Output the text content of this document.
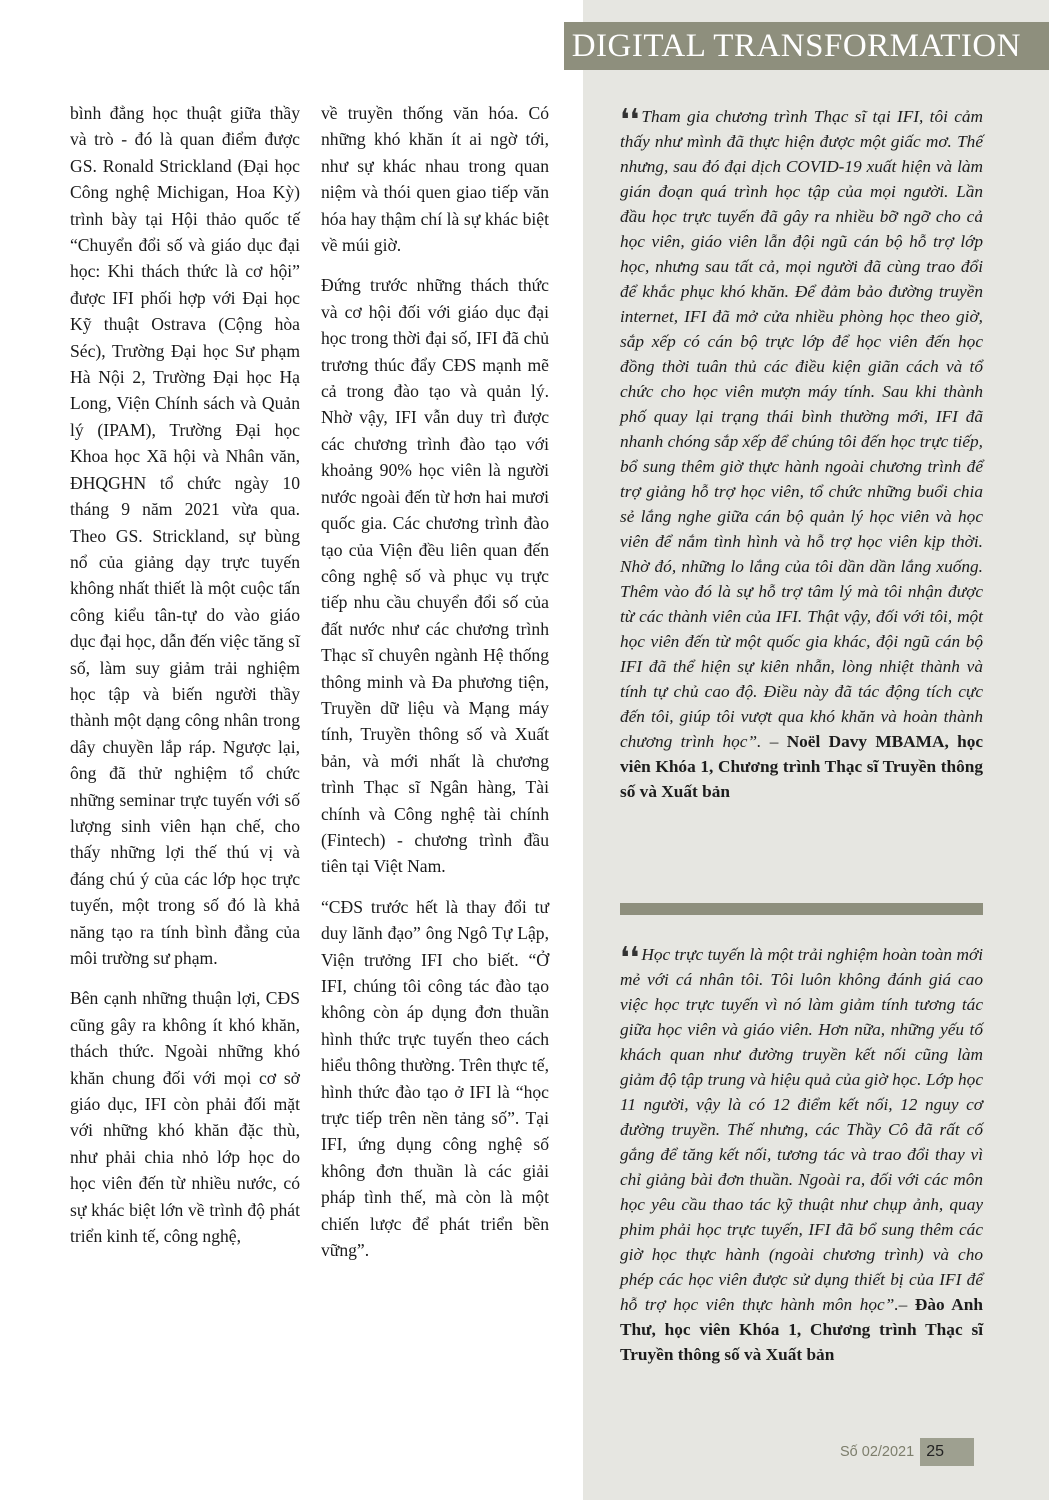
DIGITAL TRANSFORMATION

bình đẳng học thuật giữa thầy và trò - đó là quan điểm được GS. Ronald Strickland (Đại học Công nghệ Michigan, Hoa Kỳ) trình bày tại Hội thảo quốc tế “Chuyển đổi số và giáo dục đại học: Khi thách thức là cơ hội” được IFI phối hợp với Đại học Kỹ thuật Ostrava (Cộng hòa Séc), Trường Đại học Sư phạm Hà Nội 2, Trường Đại học Hạ Long, Viện Chính sách và Quản lý (IPAM), Trường Đại học Khoa học Xã hội và Nhân văn, ĐHQGHN tổ chức ngày 10 tháng 9 năm 2021 vừa qua. Theo GS. Strickland, sự bùng nổ của giảng dạy trực tuyến không nhất thiết là một cuộc tấn công kiểu tân-tự do vào giáo dục đại học, dẫn đến việc tăng sĩ số, làm suy giảm trải nghiệm học tập và biến người thầy thành một dạng công nhân trong dây chuyền lắp ráp. Ngược lại, ông đã thử nghiệm tổ chức những seminar trực tuyến với số lượng sinh viên hạn chế, cho thấy những lợi thế thú vị và đáng chú ý của các lớp học trực tuyến, một trong số đó là khả năng tạo ra tính bình đẳng của môi trường sư phạm.

Bên cạnh những thuận lợi, CĐS cũng gây ra không ít khó khăn, thách thức. Ngoài những khó khăn chung đối với mọi cơ sở giáo dục, IFI còn phải đối mặt với những khó khăn đặc thù, như phải chia nhỏ lớp học do học viên đến từ nhiều nước, có sự khác biệt lớn về trình độ phát triển kinh tế, công nghệ,

về truyền thống văn hóa. Có những khó khăn ít ai ngờ tới, như sự khác nhau trong quan niệm và thói quen giao tiếp văn hóa hay thậm chí là sự khác biệt về múi giờ.

Đứng trước những thách thức và cơ hội đối với giáo dục đại học trong thời đại số, IFI đã chủ trương thúc đẩy CĐS mạnh mẽ cả trong đào tạo và quản lý. Nhờ vậy, IFI vẫn duy trì được các chương trình đào tạo với khoảng 90% học viên là người nước ngoài đến từ hơn hai mươi quốc gia. Các chương trình đào tạo của Viện đều liên quan đến công nghệ số và phục vụ trực tiếp nhu cầu chuyển đổi số của đất nước như các chương trình Thạc sĩ chuyên ngành Hệ thống thông minh và Đa phương tiện, Truyền dữ liệu và Mạng máy tính, Truyền thông số và Xuất bản, và mới nhất là chương trình Thạc sĩ Ngân hàng, Tài chính và Công nghệ tài chính (Fintech) - chương trình đầu tiên tại Việt Nam.

“CĐS trước hết là thay đổi tư duy lãnh đạo” ông Ngô Tự Lập, Viện trưởng IFI cho biết. “Ở IFI, chúng tôi công tác đào tạo không còn áp dụng đơn thuần hình thức trực tuyến theo cách hiểu thông thường. Trên thực tế, hình thức đào tạo ở IFI là “học trực tiếp trên nền tảng số”. Tại IFI, ứng dụng công nghệ số không đơn thuần là các giải pháp tình thế, mà còn là một chiến lược để phát triển bền vững”.

❛❛ Tham gia chương trình Thạc sĩ tại IFI, tôi cảm thấy như mình đã thực hiện được một giấc mơ. Thế nhưng, sau đó đại dịch COVID-19 xuất hiện và làm gián đoạn quá trình học tập của mọi người. Lần đầu học trực tuyến đã gây ra nhiều bỡ ngỡ cho cả học viên, giáo viên lẫn đội ngũ cán bộ hỗ trợ lớp học, nhưng sau tất cả, mọi người đã cùng trao đổi để khắc phục khó khăn. Để đảm bảo đường truyền internet, IFI đã mở cửa nhiều phòng học theo giờ, sắp xếp có cán bộ trực lớp để học viên đến học đồng thời tuân thủ các điều kiện giãn cách và tổ chức cho học viên mượn máy tính. Sau khi thành phố quay lại trạng thái bình thường mới, IFI đã nhanh chóng sắp xếp để chúng tôi đến học trực tiếp, bổ sung thêm giờ thực hành ngoài chương trình để trợ giảng hỗ trợ học viên, tổ chức những buổi chia sẻ lắng nghe giữa cán bộ quản lý học viên và học viên để nắm tình hình và hỗ trợ học viên kịp thời. Nhờ đó, những lo lắng của tôi dần dần lắng xuống. Thêm vào đó là sự hỗ trợ tâm lý mà tôi nhận được từ các thành viên của IFI. Thật vậy, đối với tôi, một học viên đến từ một quốc gia khác, đội ngũ cán bộ IFI đã thể hiện sự kiên nhẫn, lòng nhiệt thành và tính tự chủ cao độ. Điều này đã tác động tích cực đến tôi, giúp tôi vượt qua khó khăn và hoàn thành chương trình học”. – Noël Davy MBAMA, học viên Khóa 1, Chương trình Thạc sĩ Truyền thông số và Xuất bản
❛❛ Học trực tuyến là một trải nghiệm hoàn toàn mới mẻ với cá nhân tôi. Tôi luôn không đánh giá cao việc học trực tuyến vì nó làm giảm tính tương tác giữa học viên và giáo viên. Hơn nữa, những yếu tố khách quan như đường truyền kết nối cũng làm giảm độ tập trung và hiệu quả của giờ học. Lớp học 11 người, vậy là có 12 điểm kết nối, 12 nguy cơ đường truyền. Thế nhưng, các Thầy Cô đã rất cố gắng để tăng kết nối, tương tác và trao đổi thay vì chỉ giảng bài đơn thuần. Ngoài ra, đối với các môn học yêu cầu thao tác kỹ thuật như chụp ảnh, quay phim phải học trực tuyến, IFI đã bổ sung thêm các giờ học thực hành (ngoài chương trình) và cho phép các học viên được sử dụng thiết bị của IFI để hỗ trợ học viên thực hành môn học”.– Đào Anh Thư, học viên Khóa 1, Chương trình Thạc sĩ Truyền thông số và Xuất bản
Số 02/2021 25
